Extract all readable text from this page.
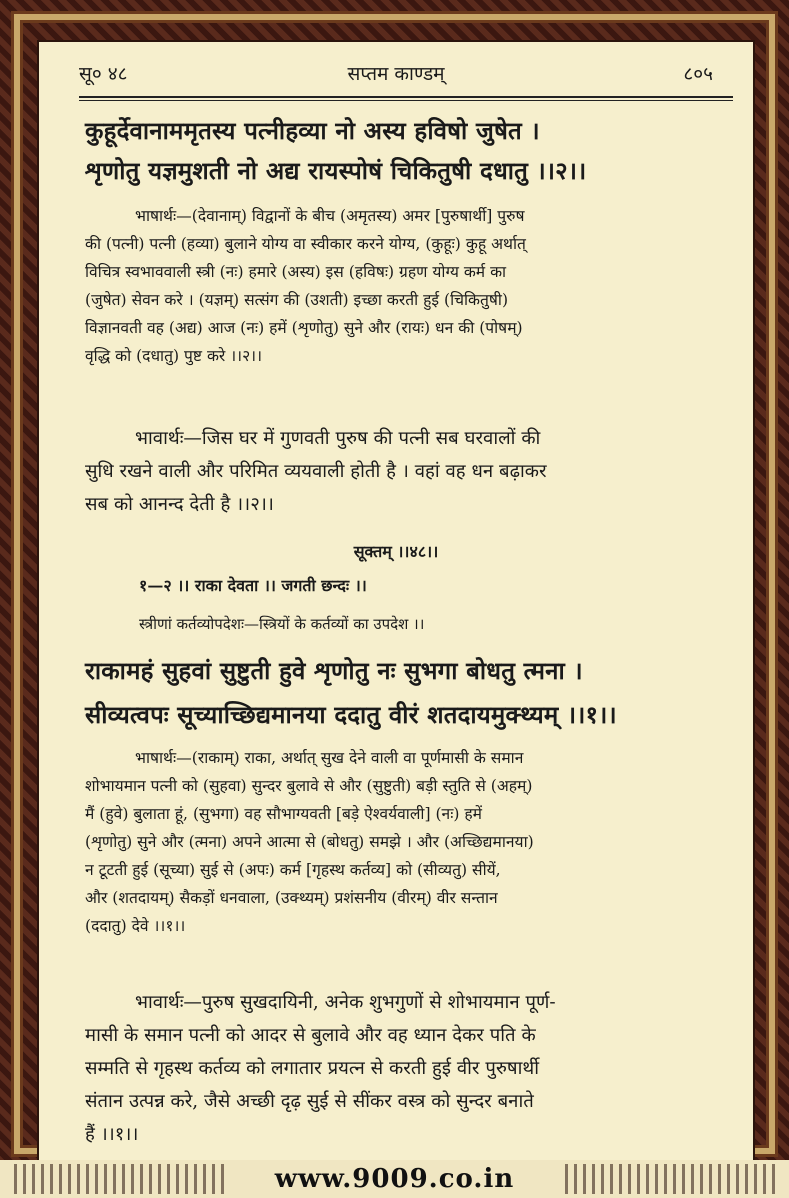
सू० ४८	सप्तम काण्डम्	८०५
कुहूर्देवानाममृतस्य पत्नीहव्या नो अस्य हविषो जुषेत ।
शृणोतु यज्ञमुशती नो अद्य रायस्पोषं चिकितुषी दधातु ।।२।।
भाषार्थः—(देवानाम्) विद्वानों के बीच (अमृतस्य) अमर [पुरुषार्थी] पुरुष
की (पत्नी) पत्नी (हव्या) बुलाने योग्य वा स्वीकार करने योग्य, (कुहूः) कुहू अर्थात्
विचित्र स्वभाववाली स्त्री (नः) हमारे (अस्य) इस (हविषः) ग्रहण योग्य कर्म का
(जुषेत) सेवन करे । (यज्ञम्) सत्संग की (उशती) इच्छा करती हुई (चिकितुषी)
विज्ञानवती वह (अद्य) आज (नः) हमें (शृणोतु) सुने और (रायः) धन की (पोषम्)
वृद्धि को (दधातु) पुष्ट करे ।।२।।
भावार्थः—जिस घर में गुणवती पुरुष की पत्नी सब घरवालों की
सुधि रखने वाली और परिमित व्ययवाली होती है । वहां वह धन बढ़ाकर
सब को आनन्द देती है ।।२।।
सूक्तम् ।।४८।।
१—२ ।। राका देवता ।। जगती छन्दः ।।
स्त्रीणां कर्तव्योपदेशः—स्त्रियों के कर्तव्यों का उपदेश ।।
राकामहं सुहवां सुष्टुती हुवे शृणोतु नः सुभगा बोधतु त्मना ।
सीव्यत्वपः सूच्याच्छिद्यमानया ददातु वीरं शतदायमुक्थ्यम् ।।१।।
भाषार्थः—(राकाम्) राका, अर्थात् सुख देने वाली वा पूर्णमासी के समान
शोभायमान पत्नी को (सुहवा) सुन्दर बुलावे से और (सुष्टुती) बड़ी स्तुति से (अहम्)
मैं (हुवे) बुलाता हूं, (सुभगा) वह सौभाग्यवती [बड़े ऐश्वर्यवाली] (नः) हमें
(शृणोतु) सुने और (त्मना) अपने आत्मा से (बोधतु) समझे । और (अच्छिद्यमानया)
न टूटती हुई (सूच्या) सुई से (अपः) कर्म [गृहस्थ कर्तव्य] को (सीव्यतु) सीयें,
और (शतदायम्) सैकड़ों धनवाला, (उक्थ्यम्) प्रशंसनीय (वीरम्) वीर सन्तान
(ददातु) देवे ।।१।।
भावार्थः—पुरुष सुखदायिनी, अनेक शुभगुणों से शोभायमान पूर्ण-
मासी के समान पत्नी को आदर से बुलावे और वह ध्यान देकर पति के
सम्मति से गृहस्थ कर्तव्य को लगातार प्रयत्न से करती हुई वीर पुरुषार्थी
संतान उत्पन्न करे, जैसे अच्छी दृढ़ सुई से सींकर वस्त्र को सुन्दर बनाते
हैं ।।१।।
www.9009.co.in
